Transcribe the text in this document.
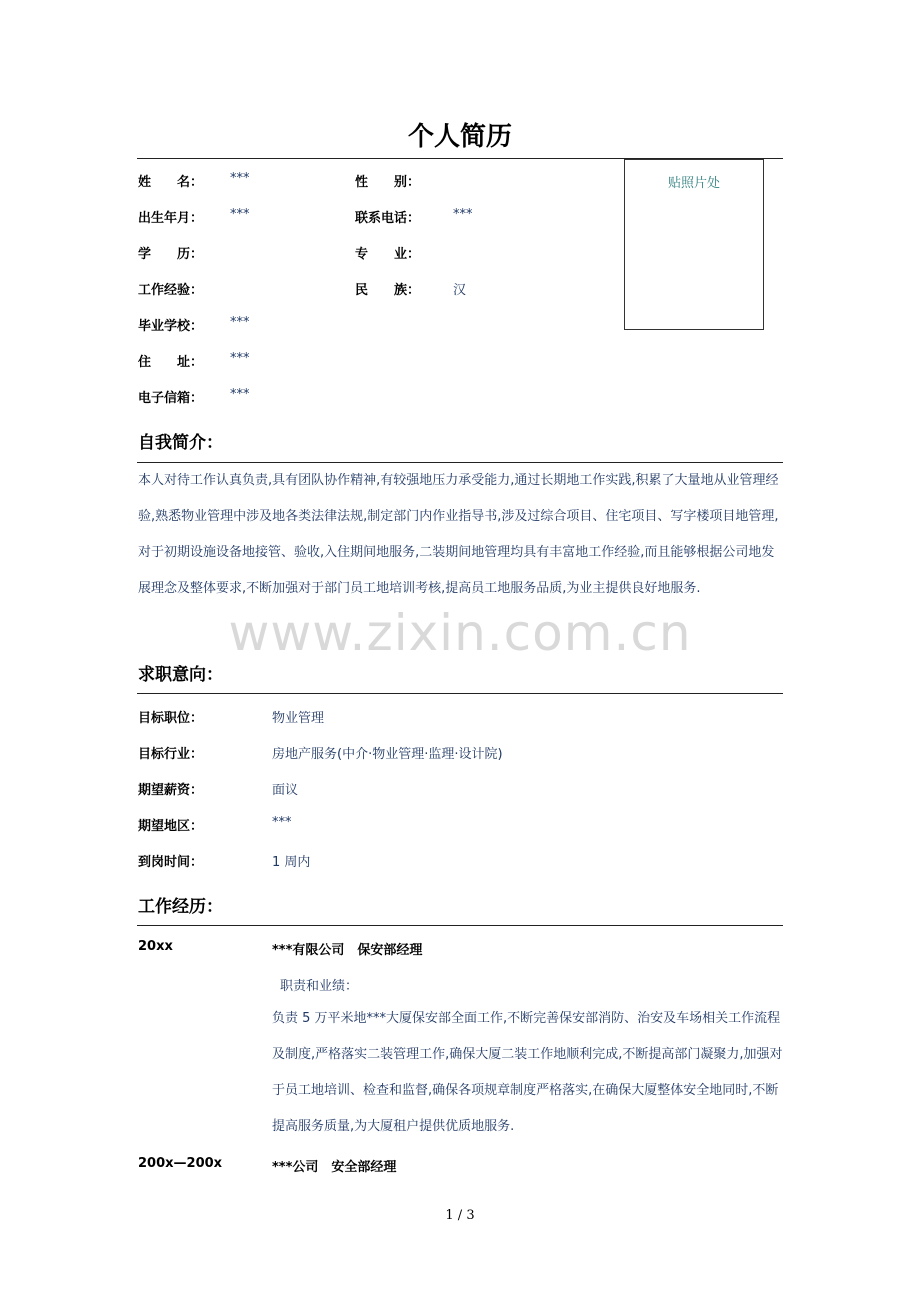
个人简历
贴照片处
姓　　名： ***	性　　别：
出生年月： ***	联系电话：	***
学　　历：	专　　业：
工作经验：	民　　族：	汉
毕业学校： ***
住　　址： ***
电子信箱： ***
自我简介：
本人对待工作认真负责,具有团队协作精神,有较强地压力承受能力,通过长期地工作实践,积累了大量地从业管理经验,熟悉物业管理中涉及地各类法律法规,制定部门内作业指导书,涉及过综合项目、住宅项目、写字楼项目地管理,对于初期设施设备地接管、验收,入住期间地服务,二装期间地管理均具有丰富地工作经验,而且能够根据公司地发展理念及整体要求,不断加强对于部门员工地培训考核,提高员工地服务品质,为业主提供良好地服务.
www.zixin.com.cn
求职意向：
目标职位：	物业管理
目标行业：	房地产服务(中介·物业管理·监理·设计院)
期望薪资：	面议
期望地区：	***
到岗时间：	1 周内
工作经历：
20xx	***有限公司　保安部经理
职责和业绩：
负责 5 万平米地***大厦保安部全面工作,不断完善保安部消防、治安及车场相关工作流程及制度,严格落实二装管理工作,确保大厦二装工作地顺利完成,不断提高部门凝聚力,加强对于员工地培训、检查和监督,确保各项规章制度严格落实,在确保大厦整体安全地同时,不断提高服务质量,为大厦租户提供优质地服务.
200x—200x	***公司　安全部经理
1 / 3
